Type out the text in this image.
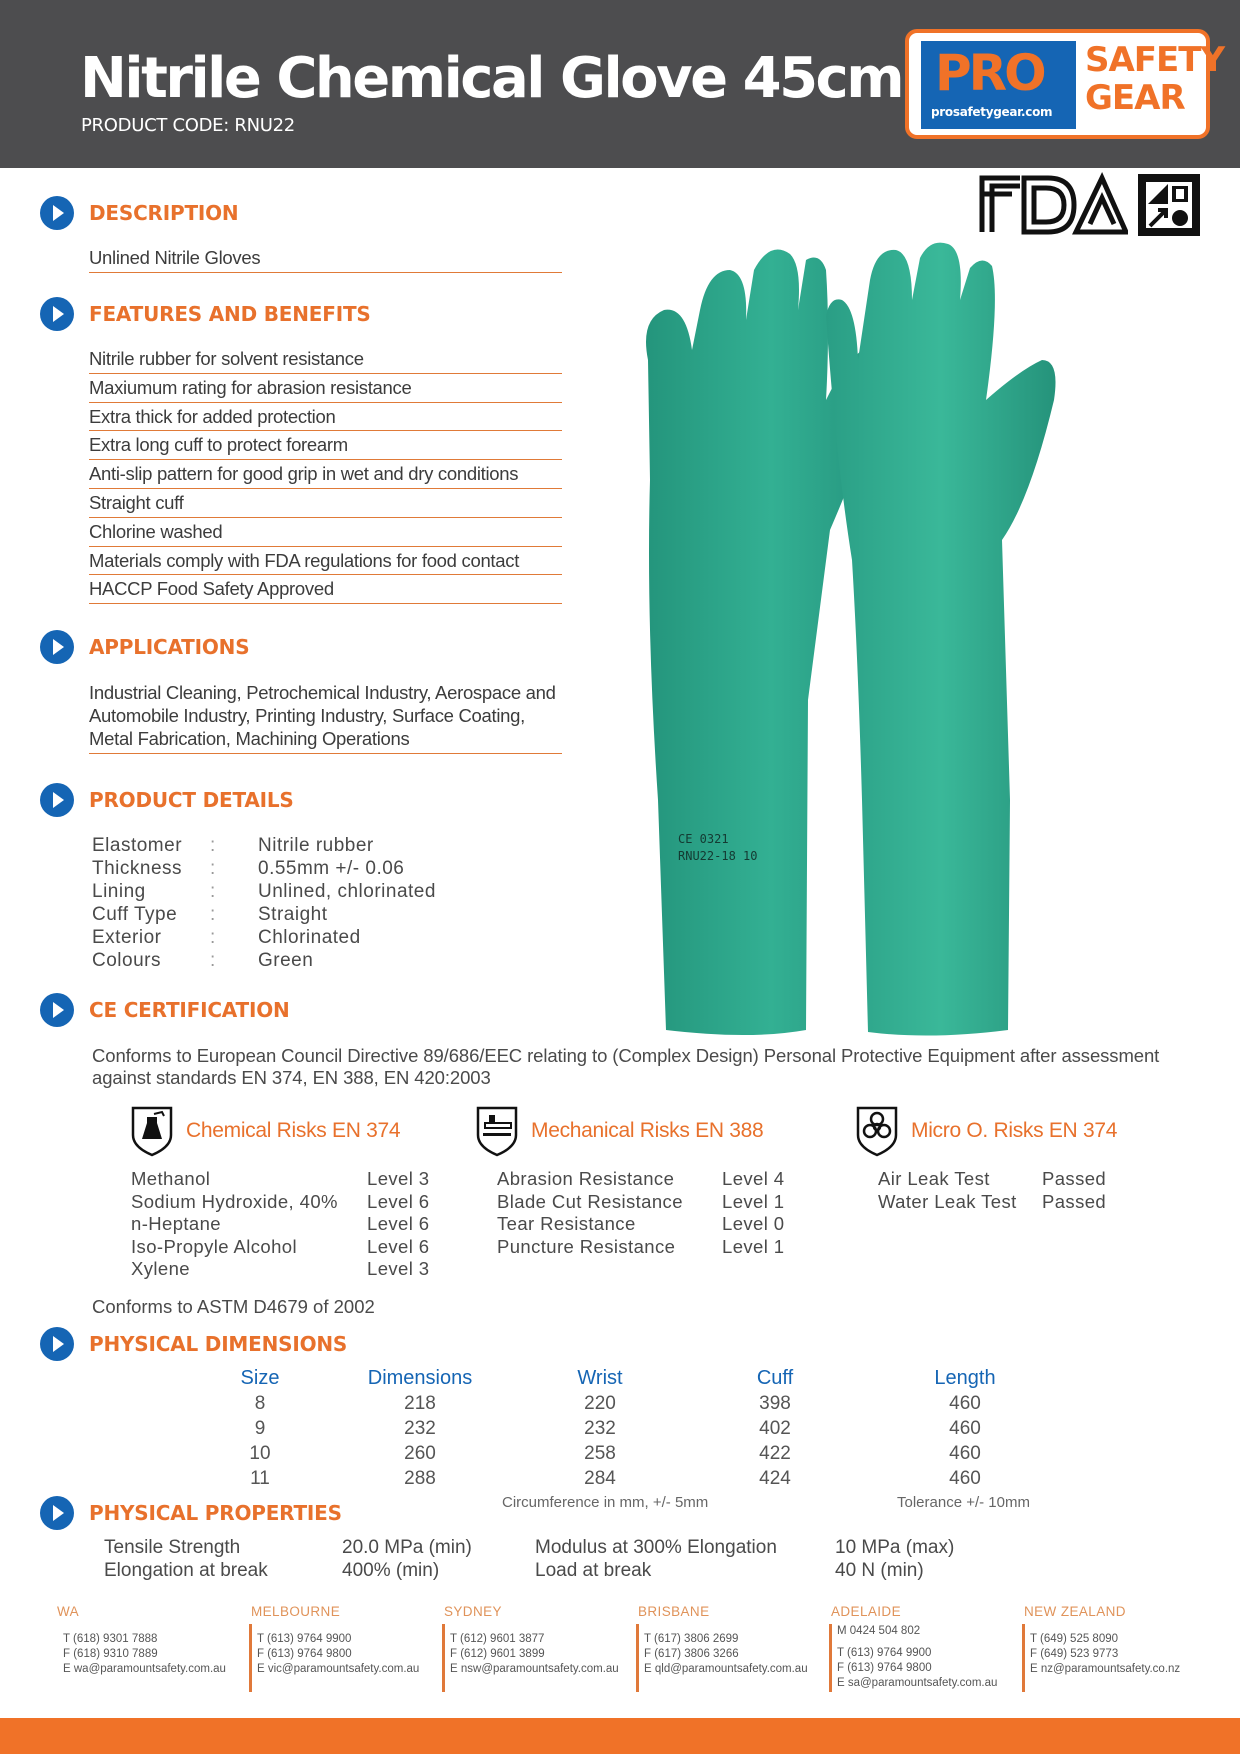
Nitrile Chemical Glove 45cm
PRODUCT CODE: RNU22
PRO
prosafetygear.com
SAFETY
GEAR
CE 0321
RNU22-18 10
DESCRIPTION
Unlined Nitrile Gloves
FEATURES AND BENEFITS
Nitrile rubber for solvent resistance
Maxiumum rating for abrasion resistance
Extra thick for added protection
Extra long cuff to protect forearm
Anti-slip pattern for good grip in wet and dry conditions
Straight cuff
Chlorine washed
Materials comply with FDA regulations for food contact
HACCP Food Safety Approved
APPLICATIONS
Industrial Cleaning, Petrochemical Industry, Aerospace and Automobile Industry, Printing Industry, Surface Coating, Metal Fabrication, Machining Operations
PRODUCT DETAILS
Elastomer	:	Nitrile rubber
Thickness	:	0.55mm +/- 0.06
Lining	:	Unlined, chlorinated
Cuff Type	:	Straight
Exterior	:	Chlorinated
Colours	:	Green
CE CERTIFICATION
Conforms to European Council Directive 89/686/EEC relating to (Complex Design) Personal Protective Equipment after assessment against standards EN 374, EN 388, EN 420:2003
Chemical Risks EN 374
Methanol	Level 3
Sodium Hydroxide, 40%	Level 6
n-Heptane	Level 6
Iso-Propyle Alcohol	Level 6
Xylene	Level 3
Mechanical Risks EN 388
Abrasion Resistance	Level 4
Blade Cut Resistance	Level 1
Tear Resistance	Level 0
Puncture Resistance	Level 1
Micro O. Risks EN 374
Air Leak Test	Passed
Water Leak Test	Passed
Conforms to ASTM D4679 of 2002
PHYSICAL DIMENSIONS
Size	Dimensions	Wrist	Cuff	Length
8	218	220	398	460
9	232	232	402	460
10	260	258	422	460
11	288	284	424	460
Circumference in mm, +/- 5mm	Tolerance +/- 10mm
PHYSICAL PROPERTIES
Tensile Strength	20.0 MPa (min)	Modulus at 300% Elongation	10 MPa (max)
Elongation at break	400% (min)	Load at break	40 N (min)
WA
T (618) 9301 7888
F (618) 9310 7889
E wa@paramountsafety.com.au
MELBOURNE
T (613) 9764 9900
F (613) 9764 9800
E vic@paramountsafety.com.au
SYDNEY
T (612) 9601 3877
F (612) 9601 3899
E nsw@paramountsafety.com.au
BRISBANE
T (617) 3806 2699
F (617) 3806 3266
E qld@paramountsafety.com.au
ADELAIDE
M 0424 504 802
T (613) 9764 9900
F (613) 9764 9800
E sa@paramountsafety.com.au
NEW ZEALAND
T (649) 525 8090
F (649) 523 9773
E nz@paramountsafety.co.nz
